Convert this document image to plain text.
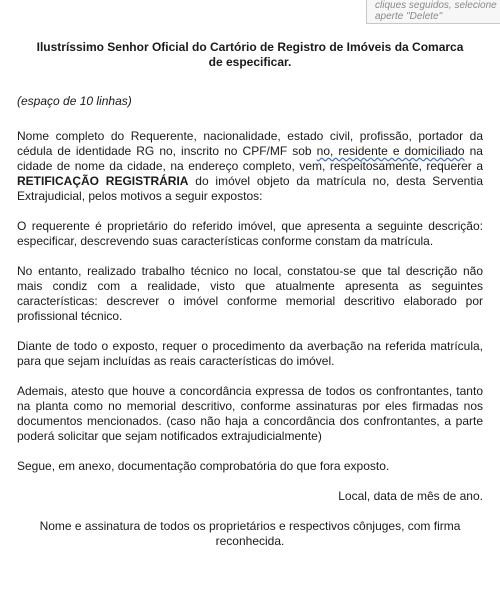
cliques seguidos, selecione
aperte "Delete"
Ilustríssimo Senhor Oficial do Cartório de Registro de Imóveis da Comarca
de especificar.

(espaço de 10 linhas)

Nome completo do Requerente, nacionalidade, estado civil, profissão, portador da cédula de identidade RG no, inscrito no CPF/MF sob no, residente e domiciliado na cidade de nome da cidade, na endereço completo, vem, respeitosamente, requerer a RETIFICAÇÃO REGISTRÁRIA do imóvel objeto da matrícula no, desta Serventia Extrajudicial, pelos motivos a seguir expostos:

O requerente é proprietário do referido imóvel, que apresenta a seguinte descrição: especificar, descrevendo suas características conforme constam da matrícula.

No entanto, realizado trabalho técnico no local, constatou-se que tal descrição não mais condiz com a realidade, visto que atualmente apresenta as seguintes características: descrever o imóvel conforme memorial descritivo elaborado por profissional técnico.

Diante de todo o exposto, requer o procedimento da averbação na referida matrícula, para que sejam incluídas as reais características do imóvel.

Ademais, atesto que houve a concordância expressa de todos os confrontantes, tanto na planta como no memorial descritivo, conforme assinaturas por eles firmadas nos documentos mencionados. (caso não haja a concordância dos confrontantes, a parte poderá solicitar que sejam notificados extrajudicialmente)

Segue, em anexo, documentação comprobatória do que fora exposto.

Local, data de mês de ano.

Nome e assinatura de todos os proprietários e respectivos cônjuges, com firma reconhecida.
